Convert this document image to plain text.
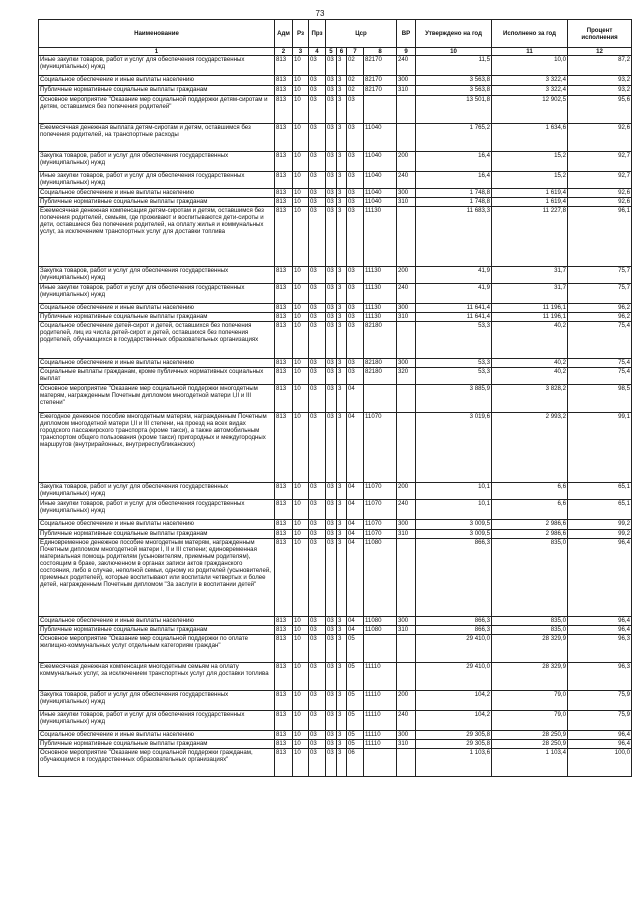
73
Наименование	Адм	Рз	Прз	Цср				ВР	Утверждено на год	Исполнено за год	Процент исполнения
1	2	3	4	5	6	7	8	9	10	11	12
Иные закупки товаров, работ и услуг для обеспечения государственных (муниципальных) нужд	813	10	03	03	3	02	82170	240	11,5	10,0	87,2
Социальное обеспечение и иные выплаты населению	813	10	03	03	3	02	82170	300	3 563,8	3 322,4	93,2
Публичные нормативные социальные выплаты гражданам	813	10	03	03	3	02	82170	310	3 563,8	3 322,4	93,2
Основное мероприятие "Оказание мер социальной поддержки детям-сиротам и детям, оставшимся без попечения родителей"	813	10	03	03	3	03			13 501,8	12 902,5	95,6
Ежемесячная денежная выплата детям-сиротам и детям, оставшимся без попечения родителей, на транспортные расходы	813	10	03	03	3	03	11040		1 765,2	1 634,6	92,6
Закупка товаров, работ и услуг для обеспечения государственных (муниципальных) нужд	813	10	03	03	3	03	11040	200	16,4	15,2	92,7
Иные закупки товаров, работ и услуг для обеспечения государственных (муниципальных) нужд	813	10	03	03	3	03	11040	240	16,4	15,2	92,7
Социальное обеспечение и иные выплаты населению	813	10	03	03	3	03	11040	300	1 748,8	1 619,4	92,6
Публичные нормативные социальные выплаты гражданам	813	10	03	03	3	03	11040	310	1 748,8	1 619,4	92,6
Ежемесячная денежная компенсация детям-сиротам и детям, оставшимся без попечения родителей, семьям, где проживают и воспитываются дети-сироты и дети, оставшиеся без попечения родителей, на оплату жилья и коммунальных услуг, за исключением транспортных услуг для доставки топлива	813	10	03	03	3	03	11130		11 683,3	11 227,8	96,1
Закупка товаров, работ и услуг для обеспечения государственных (муниципальных) нужд	813	10	03	03	3	03	11130	200	41,9	31,7	75,7
Иные закупки товаров, работ и услуг для обеспечения государственных (муниципальных) нужд	813	10	03	03	3	03	11130	240	41,9	31,7	75,7
Социальное обеспечение и иные выплаты населению	813	10	03	03	3	03	11130	300	11 641,4	11 196,1	96,2
Публичные нормативные социальные выплаты гражданам	813	10	03	03	3	03	11130	310	11 641,4	11 196,1	96,2
Социальное обеспечение детей-сирот и детей, оставшихся без попечения родителей, лиц из числа детей-сирот и детей, оставшихся без попечения родителей, обучающихся в государственных образовательных организациях	813	10	03	03	3	03	82180		53,3	40,2	75,4
Социальное обеспечение и иные выплаты населению	813	10	03	03	3	03	82180	300	53,3	40,2	75,4
Социальные выплаты гражданам, кроме публичных нормативных социальных выплат	813	10	03	03	3	03	82180	320	53,3	40,2	75,4
Основное мероприятие "Оказание мер социальной поддержки многодетным матерям, награжденным Почетным дипломом многодетной матери I,II и III степени"	813	10	03	03	3	04			3 885,9	3 828,2	98,5
Ежегодное денежное пособие многодетным матерям, награжденным Почетным дипломом многодетной матери I,II и III степени, на проезд на всех видах городского пассажирского транспорта (кроме такси), а также автомобильным транспортом общего пользования (кроме такси) пригородных и междугородных маршрутов (внутрирайонных, внутриреспубликанских)	813	10	03	03	3	04	11070		3 019,6	2 993,2	99,1
Закупка товаров, работ и услуг для обеспечения государственных (муниципальных) нужд	813	10	03	03	3	04	11070	200	10,1	6,6	65,1
Иные закупки товаров, работ и услуг для обеспечения государственных (муниципальных) нужд	813	10	03	03	3	04	11070	240	10,1	6,6	65,1
Социальное обеспечение и иные выплаты населению	813	10	03	03	3	04	11070	300	3 009,5	2 986,6	99,2
Публичные нормативные социальные выплаты гражданам	813	10	03	03	3	04	11070	310	3 009,5	2 986,6	99,2
Единовременное денежное пособие многодетным матерям, награжденным Почетным дипломом многодетной матери I, II и III степени; единовременная материальная помощь родителям (усыновителям, приемным родителям), состоящим в браке, заключенном в органах записи актов гражданского состояния, либо в случае, неполной семьи, одному из родителей (усыновителей, приемных родителей), которые воспитывают или воспитали четвертых и более детей, награжденным Почетным дипломом "За заслуги в воспитании детей"	813	10	03	03	3	04	11080		866,3	835,0	96,4
Социальное обеспечение и иные выплаты населению	813	10	03	03	3	04	11080	300	866,3	835,0	96,4
Публичные нормативные социальные выплаты гражданам	813	10	03	03	3	04	11080	310	866,3	835,0	96,4
Основное мероприятие "Оказание мер социальной поддержки по оплате жилищно-коммунальных услуг отдельным категориям граждан"	813	10	03	03	3	05			29 410,0	28 329,9	96,3
Ежемесячная денежная компенсация многодетным семьям на оплату коммунальных услуг, за исключением транспортных услуг для доставки топлива	813	10	03	03	3	05	11110		29 410,0	28 329,9	96,3
Закупка товаров, работ и услуг для обеспечения государственных (муниципальных) нужд	813	10	03	03	3	05	11110	200	104,2	79,0	75,9
Иные закупки товаров, работ и услуг для обеспечения государственных (муниципальных) нужд	813	10	03	03	3	05	11110	240	104,2	79,0	75,9
Социальное обеспечение и иные выплаты населению	813	10	03	03	3	05	11110	300	29 305,8	28 250,9	96,4
Публичные нормативные социальные выплаты гражданам	813	10	03	03	3	05	11110	310	29 305,8	28 250,9	96,4
Основное мероприятие "Оказание мер социальной поддержки гражданам, обучающимся в государственных образовательных организациях"	813	10	03	03	3	06			1 103,6	1 103,4	100,0
